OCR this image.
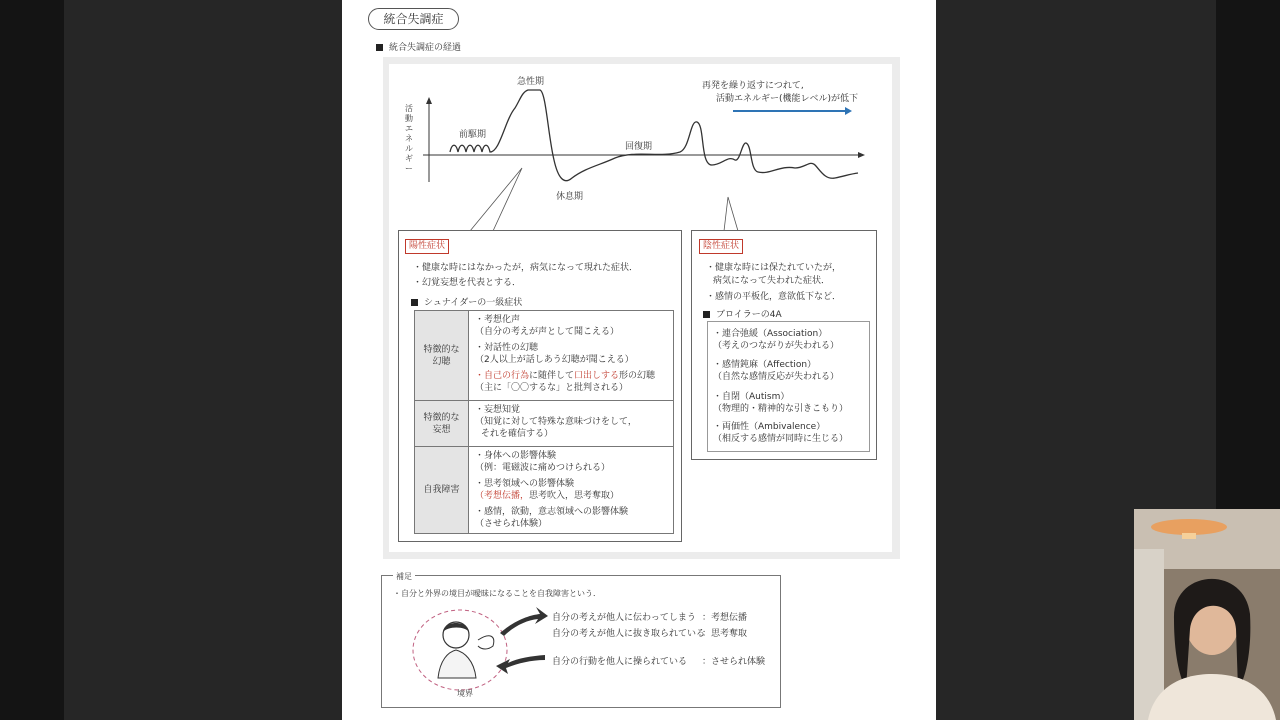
統合失調症
統合失調症の経過
活動エネルギー
前駆期
急性期
休息期
回復期
再発を繰り返すにつれて,
活動エネルギー(機能レベル)が低下
陽性症状
・健康な時にはなかったが，病気になって現れた症状．
・幻覚妄想を代表とする．
シュナイダーの一級症状
特徴的な
幻聴
特徴的な
妄想
自我障害
・考想化声
（自分の考えが声として聞こえる）
・対話性の幻聴
（2人以上が話しあう幻聴が聞こえる）
・自己の行為に随伴して口出しする形の幻聴
（主に「〇〇するな」と批判される）
・妄想知覚
（知覚に対して特殊な意味づけをして，
それを確信する）
・身体への影響体験
（例：電磁波に痛めつけられる）
・思考領域への影響体験
（考想伝播，思考吹入，思考奪取）
・感情，欲動，意志領域への影響体験
（させられ体験）
陰性症状
・健康な時には保たれていたが，
病気になって失われた症状．
・感情の平板化，意欲低下など．
ブロイラーの4A
・連合弛緩（Association）
（考えのつながりが失われる）
・感情鈍麻（Affection）
（自然な感情反応が失われる）
・自閉（Autism）
（物理的・精神的な引きこもり）
・両価性（Ambivalence）
（相反する感情が同時に生じる）
補足
・自分と外界の境目が曖昧になることを自我障害という．
自分の考えが他人に伝わってしまう ：考想伝播
自分の考えが他人に抜き取られている
：思考奪取
自分の行動を他人に操られている ：させられ体験
境界
